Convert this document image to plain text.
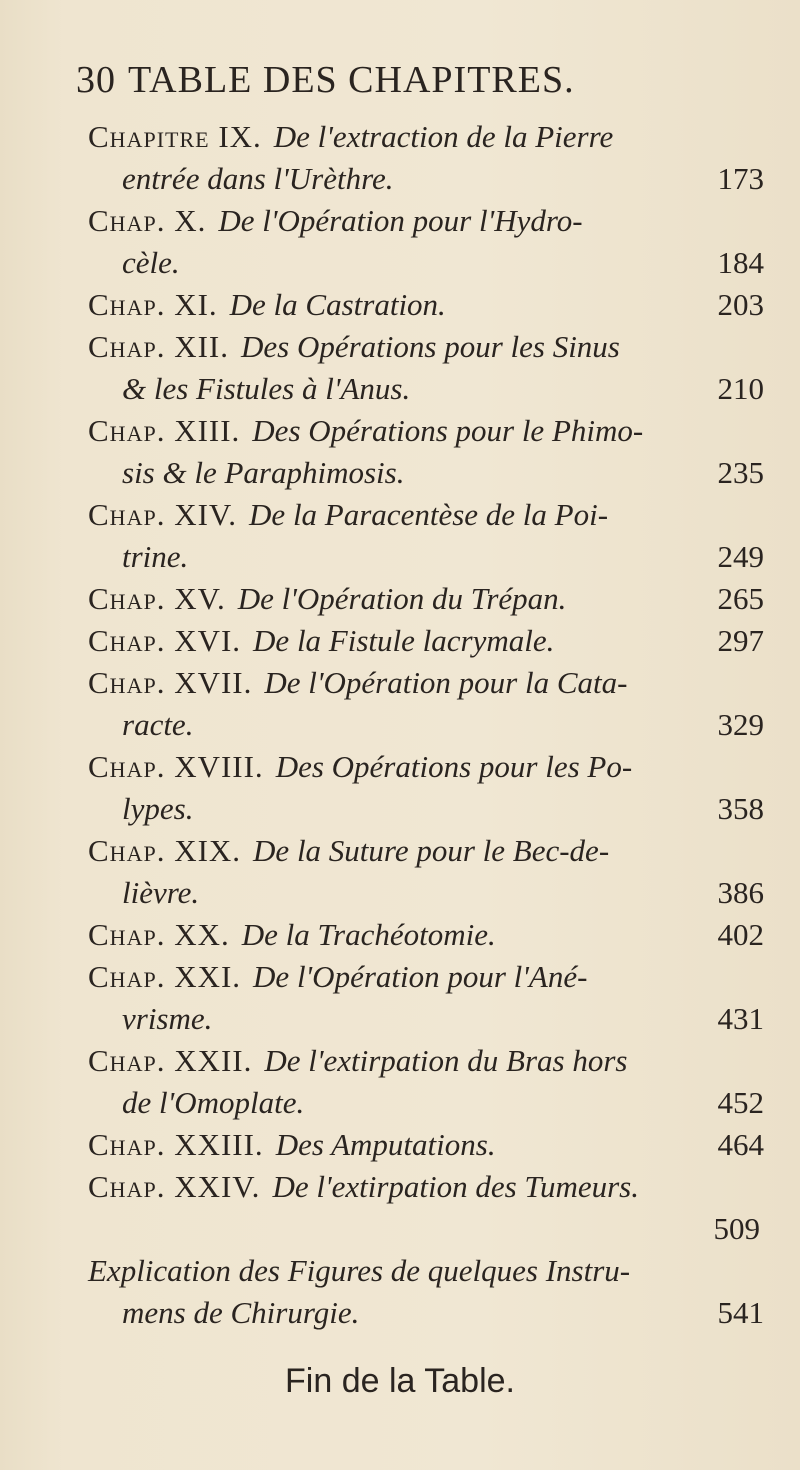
30 TABLE DES CHAPITRES.
Chapitre IX. De l'extraction de la Pierre
entrée dans l'Urèthre.	173
Chap. X. De l'Opération pour l'Hydro-
cèle.	184
Chap. XI. De la Castration.	203
Chap. XII. Des Opérations pour les Sinus
& les Fistules à l'Anus.	210
Chap. XIII. Des Opérations pour le Phimo-
sis & le Paraphimosis.	235
Chap. XIV. De la Paracentèse de la Poi-
trine.	249
Chap. XV. De l'Opération du Trépan.	265
Chap. XVI. De la Fistule lacrymale.	297
Chap. XVII. De l'Opération pour la Cata-
racte.	329
Chap. XVIII. Des Opérations pour les Po-
lypes.	358
Chap. XIX. De la Suture pour le Bec-de-
lièvre.	386
Chap. XX. De la Trachéotomie.	402
Chap. XXI. De l'Opération pour l'Ané-
vrisme.	431
Chap. XXII. De l'extirpation du Bras hors
de l'Omoplate.	452
Chap. XXIII. Des Amputations.	464
Chap. XXIV. De l'extirpation des Tumeurs.
509
Explication des Figures de quelques Instru-
mens de Chirurgie.	541
Fin de la Table.
